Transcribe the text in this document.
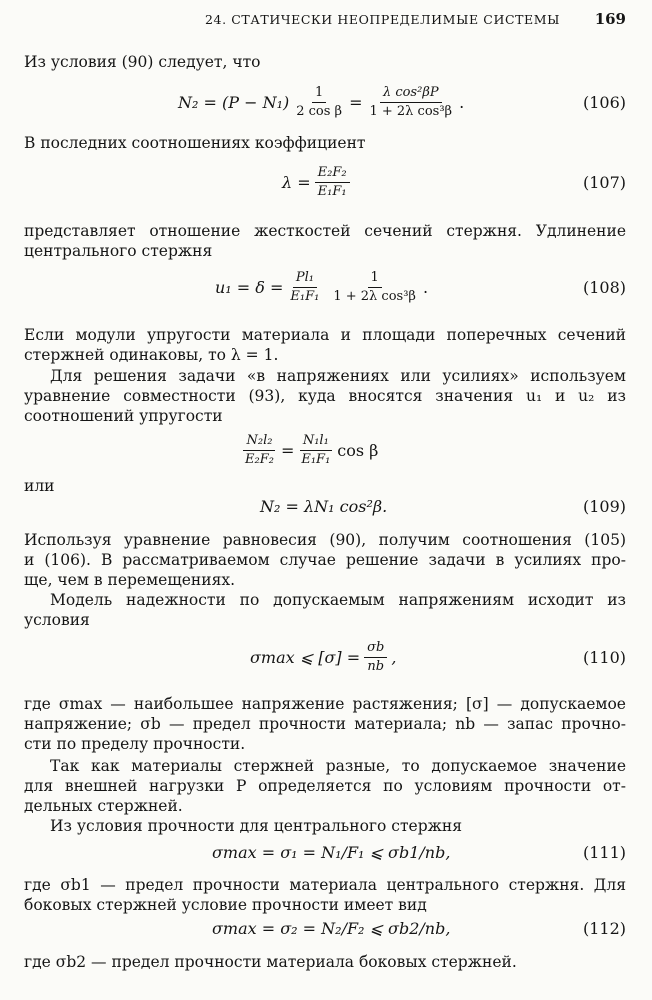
24. СТАТИЧЕСКИ НЕОПРЕДЕЛИМЫЕ СИСТЕМЫ 169
Из условия (90) следует, что
$N_2 = (P - N_1) \frac{1}{\text{2 cos β}} = \frac{\text{λ cos²βP}}{\text{1 + 2λ cos³β}}$ .	(106)
В последних соотношениях коэффициент
$\lambda = \frac{\text{E₂F₂}}{\text{E₁F₁}}$	(107)
представляет отношение жесткостей сечений стержня. Удлинение
центрального стержня
$u_1 = \delta = \frac{\text{Pl₁}}{\text{E₁F₁}} \frac{1}{\text{1 + 2λ cos³β}}$ .	(108)
Если модули упругости материала и площади поперечных сечений
стержней одинаковы, то λ = 1.
Для решения задачи «в напряжениях или усилиях» используем
уравнение совместности (93), куда вносятся значения u₁ и u₂ из
соотношений упругости
$\frac{\text{N₂l₂}}{\text{E₂F₂}} = \frac{\text{N₁l₁}}{\text{E₁F₁}}$ cos β
или
N₂ = λN₁ cos²β.	(109)
Используя уравнение равновесия (90), получим соотношения (105)
и (106). В рассматриваемом случае решение задачи в усилиях про-
ще, чем в перемещениях.
Модель надежности по допускаемым напряжениям исходит из
условия
σmax ⩽ $[\sigma] = \frac{\sigma b}{nb}$ ,	(110)
где σmax — наибольшее напряжение растяжения; [σ] — допускаемое
напряжение; σb — предел прочности материала; nb — запас прочно-
сти по пределу прочности.
Так как материалы стержней разные, то допускаемое значение
для внешней нагрузки P определяется по условиям прочности от-
дельных стержней.
Из условия прочности для центрального стержня
σmax = σ₁ = N₁/F₁ ⩽ σb1/nb,	(111)
где σb1 — предел прочности материала центрального стержня. Для
боковых стержней условие прочности имеет вид
σmax = σ₂ = N₂/F₂ ⩽ σb2/nb,	(112)
где σb2 — предел прочности материала боковых стержней.
